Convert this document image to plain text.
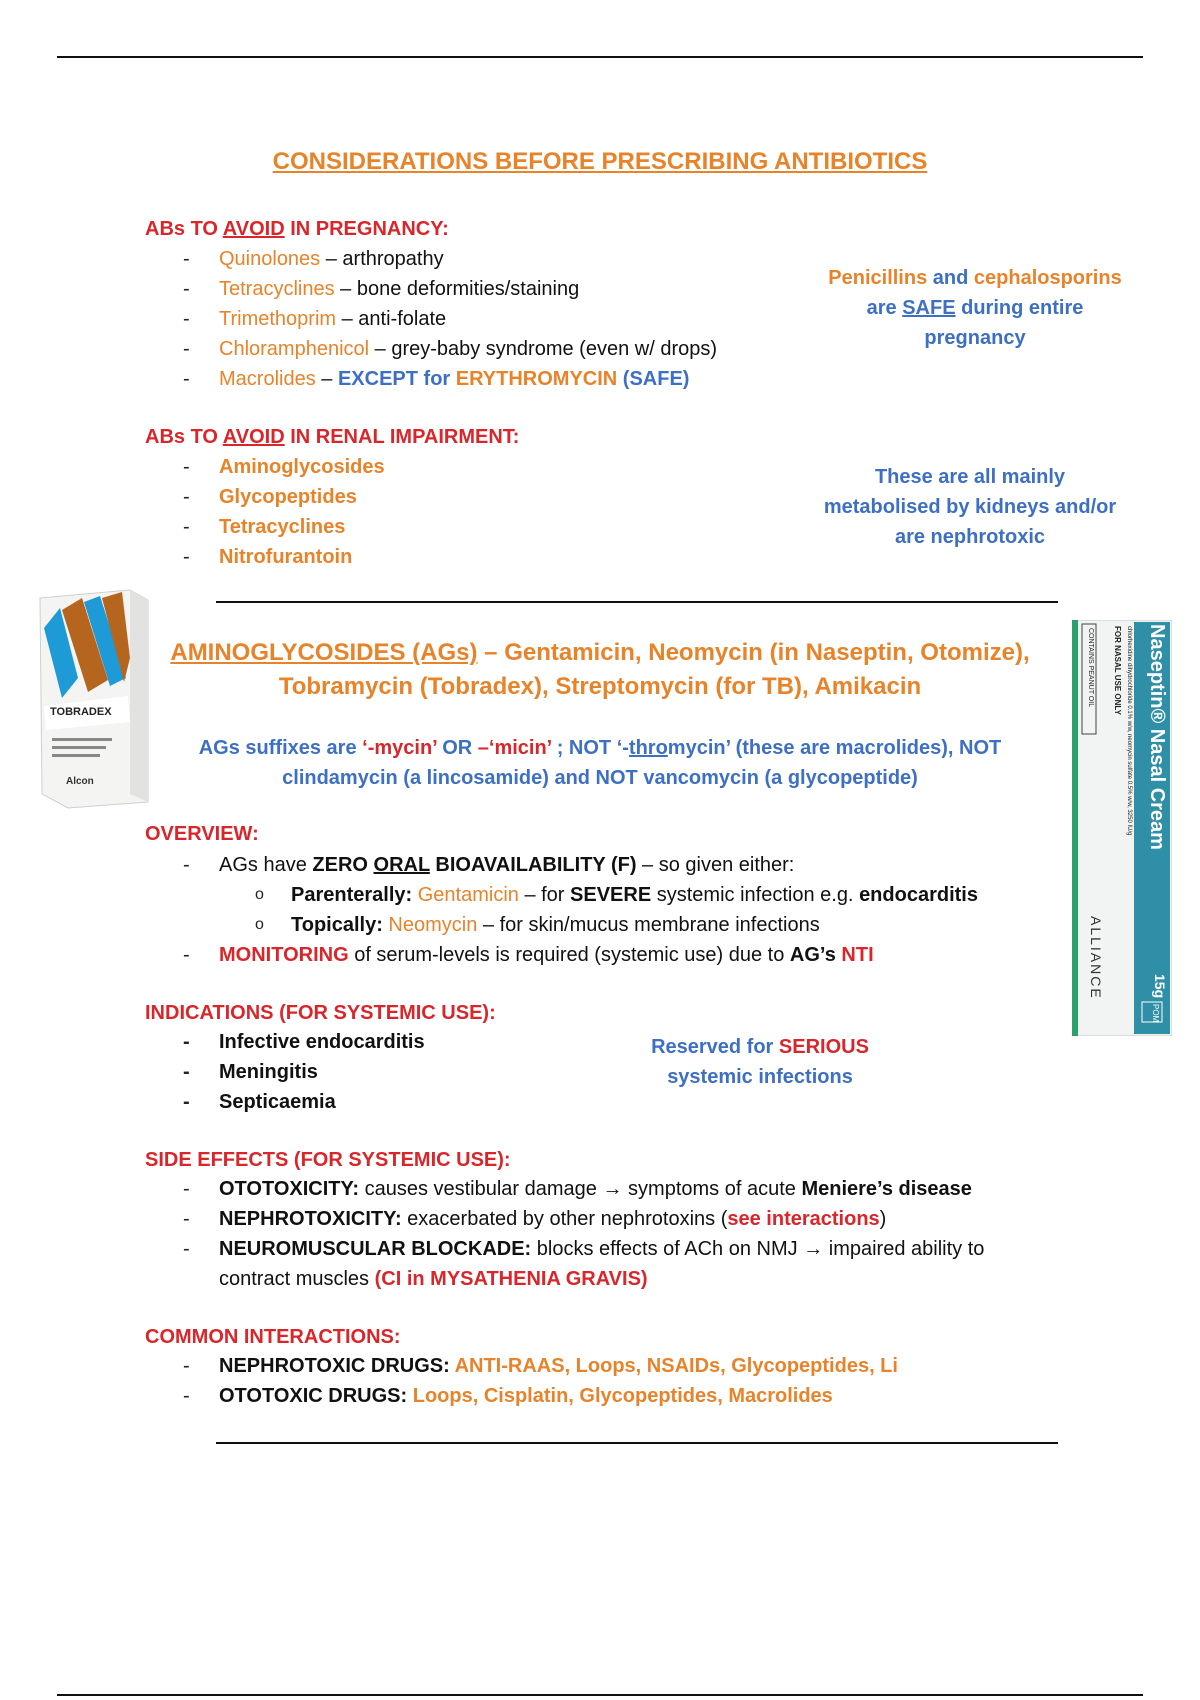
CONSIDERATIONS BEFORE PRESCRIBING ANTIBIOTICS
ABs TO AVOID IN PREGNANCY:
- Quinolones – arthropathy
- Tetracyclines – bone deformities/staining
- Trimethoprim – anti-folate
- Chloramphenicol – grey-baby syndrome (even w/ drops)
- Macrolides – EXCEPT for ERYTHROMYCIN (SAFE)
Penicillins and cephalosporins
are SAFE during entire
pregnancy
ABs TO AVOID IN RENAL IMPAIRMENT:
- Aminoglycosides
- Glycopeptides
- Tetracyclines
- Nitrofurantoin
These are all mainly
metabolised by kidneys and/or
are nephrotoxic
TOBRADEX
Alcon
AMINOGLYCOSIDES (AGs) – Gentamicin, Neomycin (in Naseptin, Otomize),
Tobramycin (Tobradex), Streptomycin (for TB), Amikacin
AGs suffixes are ‘-mycin’ OR –‘micin’ ; NOT ‘-thromycin’ (these are macrolides), NOT
clindamycin (a lincosamide) and NOT vancomycin (a glycopeptide)
Naseptin® Nasal Cream
chlorhexidine dihydrochloride 0.1% w/w, neomycin sulfate 0.5% w/w, 3250 IU/g
FOR NASAL USE ONLY
CONTAINS PEANUT OIL
ALLIANCE	15g
POM
OVERVIEW:
- AGs have ZERO ORAL BIOAVAILABILITY (F) – so given either:
o Parenterally: Gentamicin – for SEVERE systemic infection e.g. endocarditis
o Topically: Neomycin – for skin/mucus membrane infections
- MONITORING of serum-levels is required (systemic use) due to AG’s NTI
INDICATIONS (FOR SYSTEMIC USE):
- Infective endocarditis
- Meningitis
- Septicaemia
Reserved for SERIOUS
systemic infections
SIDE EFFECTS (FOR SYSTEMIC USE):
- OTOTOXICITY: causes vestibular damage → symptoms of acute Meniere’s disease
- NEPHROTOXICITY: exacerbated by other nephrotoxins (see interactions)
- NEUROMUSCULAR BLOCKADE: blocks effects of ACh on NMJ → impaired ability to
contract muscles (CI in MYSATHENIA GRAVIS)
COMMON INTERACTIONS:
- NEPHROTOXIC DRUGS: ANTI-RAAS, Loops, NSAIDs, Glycopeptides, Li
- OTOTOXIC DRUGS: Loops, Cisplatin, Glycopeptides, Macrolides
